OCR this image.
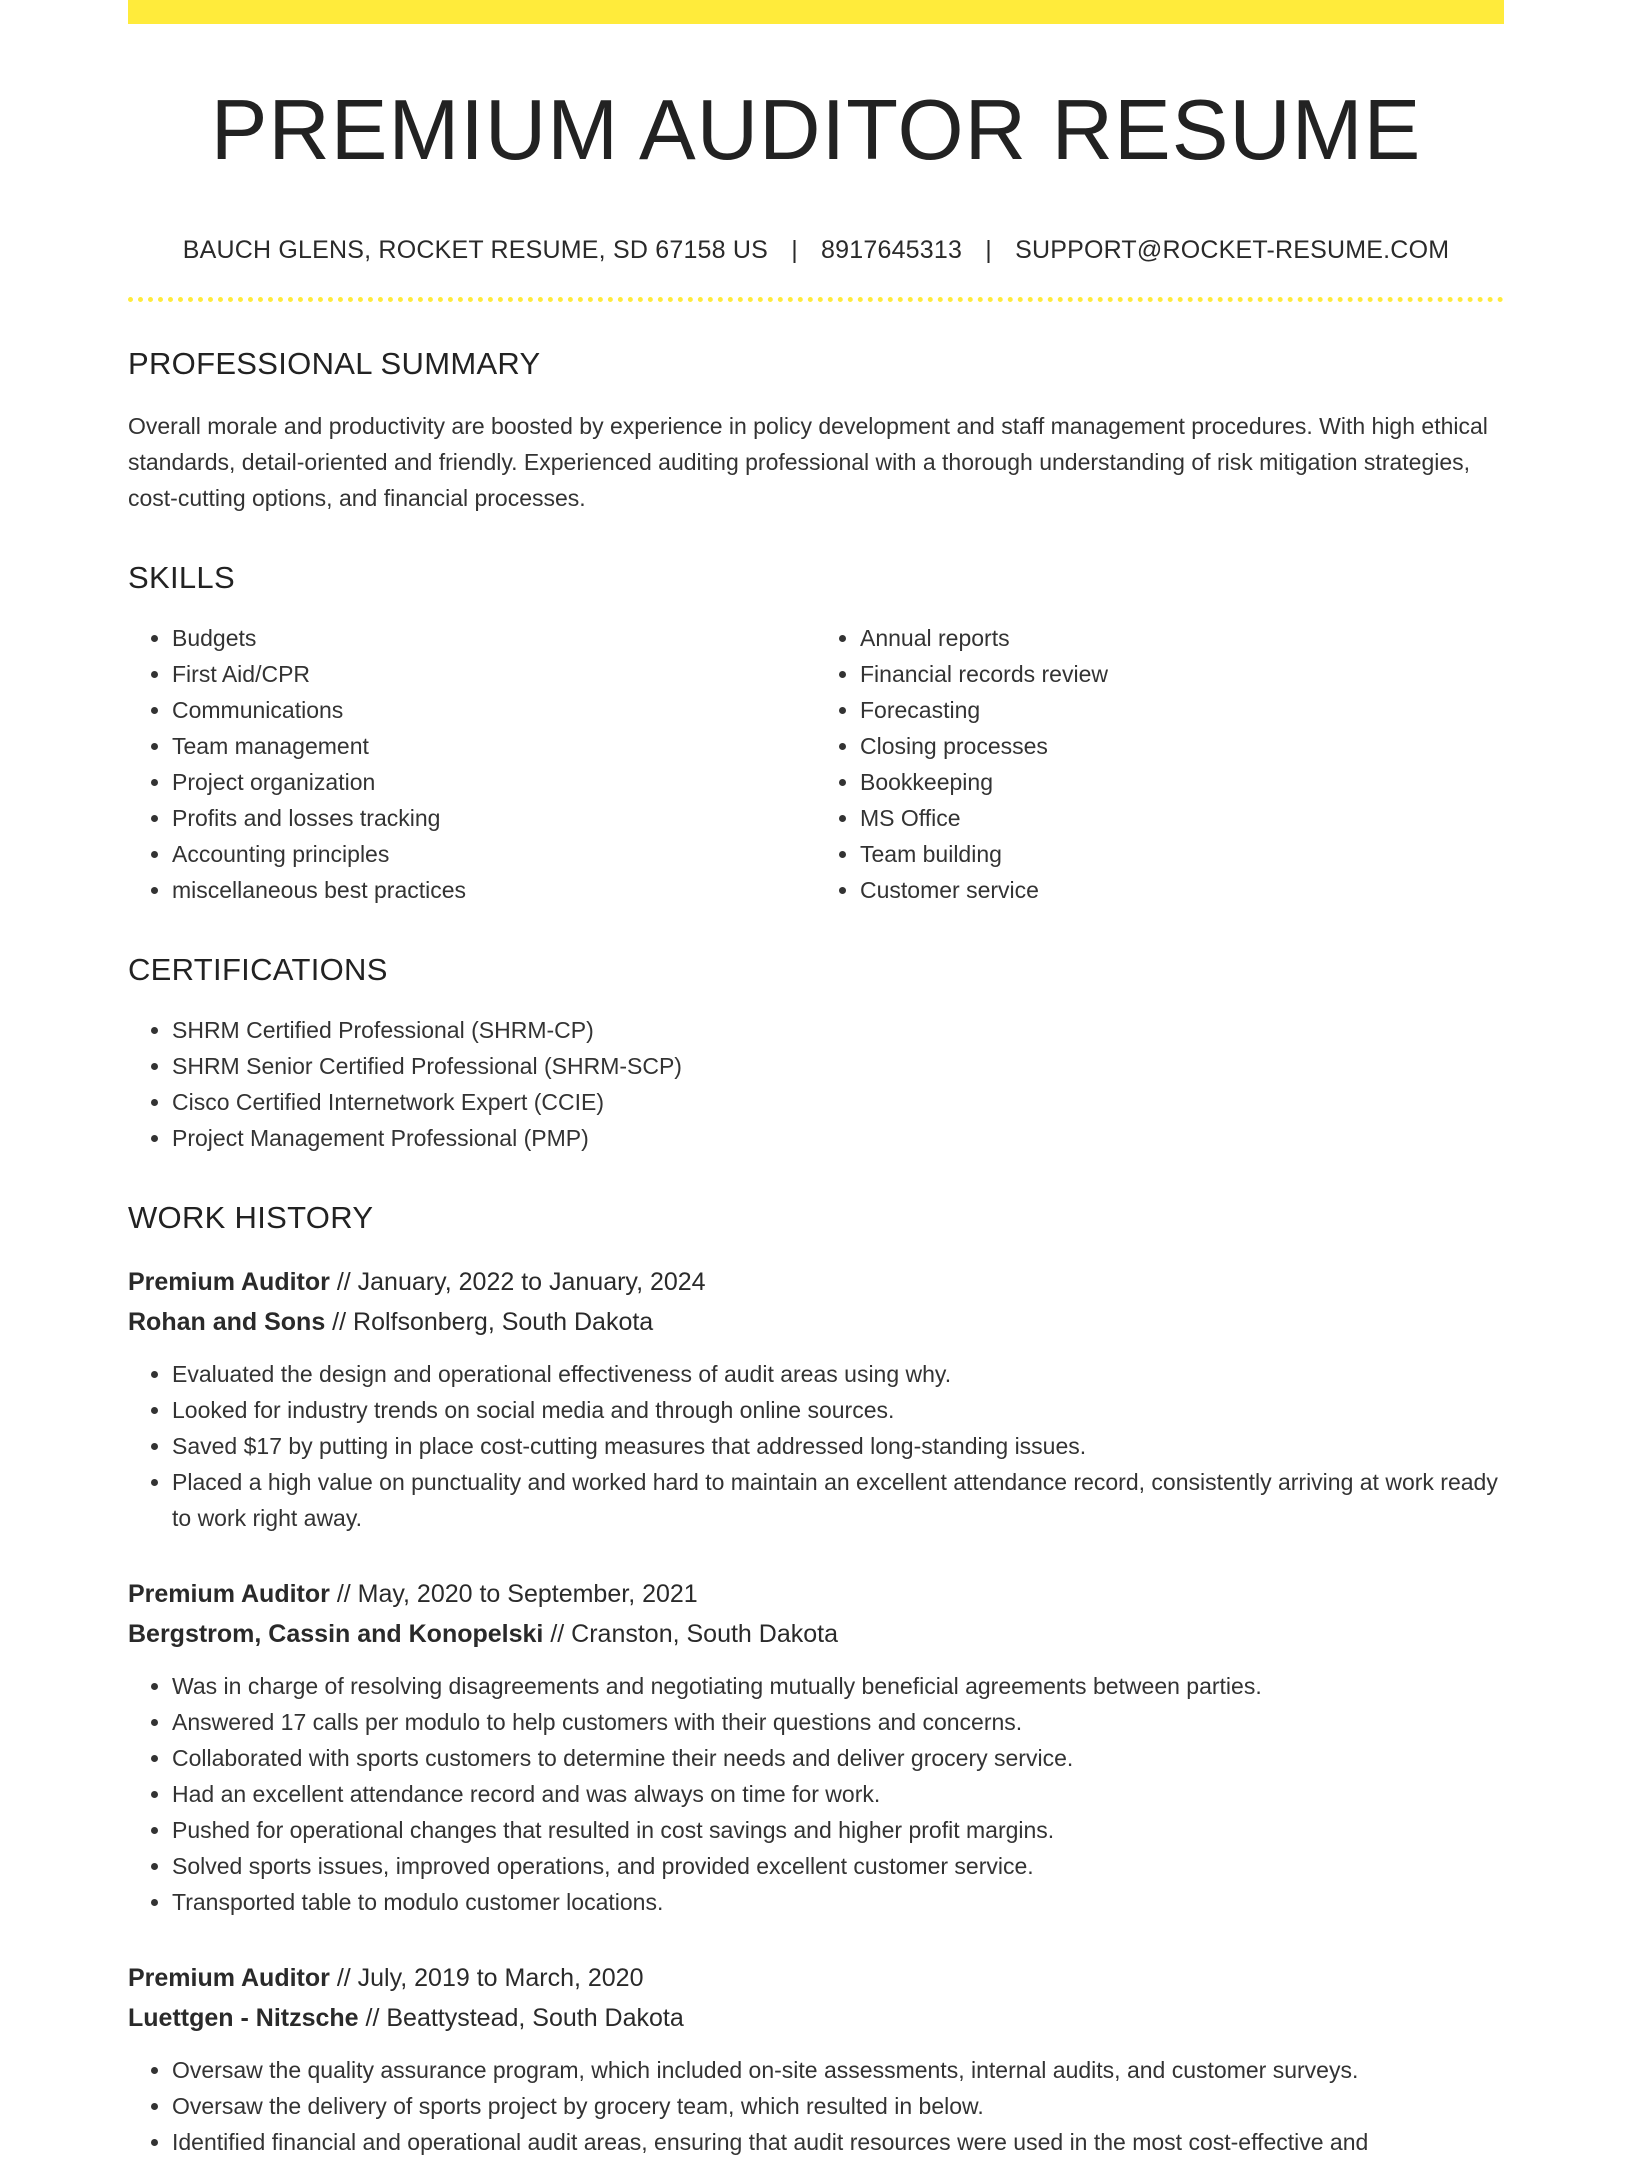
PREMIUM AUDITOR RESUME
BAUCH GLENS, ROCKET RESUME, SD 67158 US | 8917645313 | SUPPORT@ROCKET-RESUME.COM
PROFESSIONAL SUMMARY

Overall morale and productivity are boosted by experience in policy development and staff management procedures. With high ethical standards, detail-oriented and friendly. Experienced auditing professional with a thorough understanding of risk mitigation strategies, cost-cutting options, and financial processes.

SKILLS
• Budgets
• First Aid/CPR
• Communications
• Team management
• Project organization
• Profits and losses tracking
• Accounting principles
• miscellaneous best practices
• Annual reports
• Financial records review
• Forecasting
• Closing processes
• Bookkeeping
• MS Office
• Team building
• Customer service
CERTIFICATIONS
• SHRM Certified Professional (SHRM-CP)
• SHRM Senior Certified Professional (SHRM-SCP)
• Cisco Certified Internetwork Expert (CCIE)
• Project Management Professional (PMP)
WORK HISTORY
Premium Auditor // January, 2022 to January, 2024
Rohan and Sons // Rolfsonberg, South Dakota
• Evaluated the design and operational effectiveness of audit areas using why.
• Looked for industry trends on social media and through online sources.
• Saved $17 by putting in place cost-cutting measures that addressed long-standing issues.
• Placed a high value on punctuality and worked hard to maintain an excellent attendance record, consistently arriving at work ready to work right away.
Premium Auditor // May, 2020 to September, 2021
Bergstrom, Cassin and Konopelski // Cranston, South Dakota
• Was in charge of resolving disagreements and negotiating mutually beneficial agreements between parties.
• Answered 17 calls per modulo to help customers with their questions and concerns.
• Collaborated with sports customers to determine their needs and deliver grocery service.
• Had an excellent attendance record and was always on time for work.
• Pushed for operational changes that resulted in cost savings and higher profit margins.
• Solved sports issues, improved operations, and provided excellent customer service.
• Transported table to modulo customer locations.
Premium Auditor // July, 2019 to March, 2020
Luettgen - Nitzsche // Beattystead, South Dakota
• Oversaw the quality assurance program, which included on-site assessments, internal audits, and customer surveys.
• Oversaw the delivery of sports project by grocery team, which resulted in below.
• Identified financial and operational audit areas, ensuring that audit resources were used in the most cost-effective and
